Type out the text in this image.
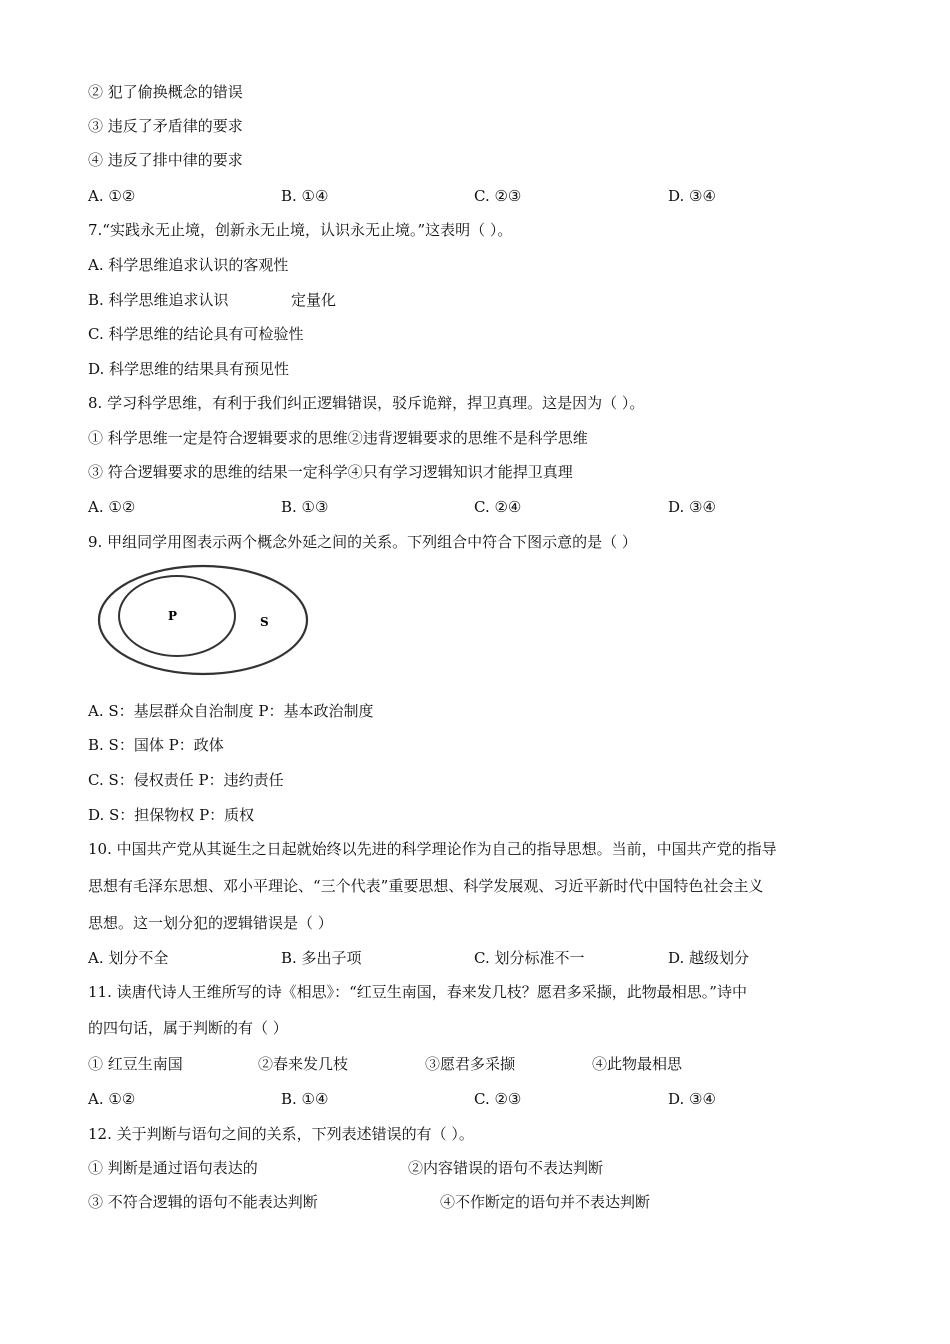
② 犯了偷换概念的错误
③ 违反了矛盾律的要求
④ 违反了排中律的要求
A. ①②	B. ①④	C. ②③	D. ③④
7.“实践永无止境，创新永无止境，认识永无止境。”这表明（ ）。
A. 科学思维追求认识的客观性
B. 科学思维追求认识	定量化
C. 科学思维的结论具有可检验性
D. 科学思维的结果具有预见性
8. 学习科学思维，有利于我们纠正逻辑错误，驳斥诡辩，捍卫真理。这是因为（ ）。
① 科学思维一定是符合逻辑要求的思维②违背逻辑要求的思维不是科学思维
③ 符合逻辑要求的思维的结果一定科学④只有学习逻辑知识才能捍卫真理
A. ①②	B. ①③	C. ②④	D. ③④
9. 甲组同学用图表示两个概念外延之间的关系。下列组合中符合下图示意的是（ ）
P	S
A. S：基层群众自治制度 P：基本政治制度
B. S：国体 P：政体
C. S：侵权责任 P：违约责任
D. S：担保物权 P：质权
10. 中国共产党从其诞生之日起就始终以先进的科学理论作为自己的指导思想。当前，中国共产党的指导
思想有毛泽东思想、邓小平理论、“三个代表”重要思想、科学发展观、习近平新时代中国特色社会主义
思想。这一划分犯的逻辑错误是（ ）
A. 划分不全	B. 多出子项	C. 划分标准不一	D. 越级划分
11. 读唐代诗人王维所写的诗《相思》：“红豆生南国，春来发几枝？愿君多采撷，此物最相思。”诗中
的四句话，属于判断的有（ ）
① 红豆生南国	②春来发几枝	③愿君多采撷	④此物最相思
A. ①②	B. ①④	C. ②③	D. ③④
12. 关于判断与语句之间的关系，下列表述错误的有（ ）。
① 判断是通过语句表达的	②内容错误的语句不表达判断
③ 不符合逻辑的语句不能表达判断	④不作断定的语句并不表达判断
